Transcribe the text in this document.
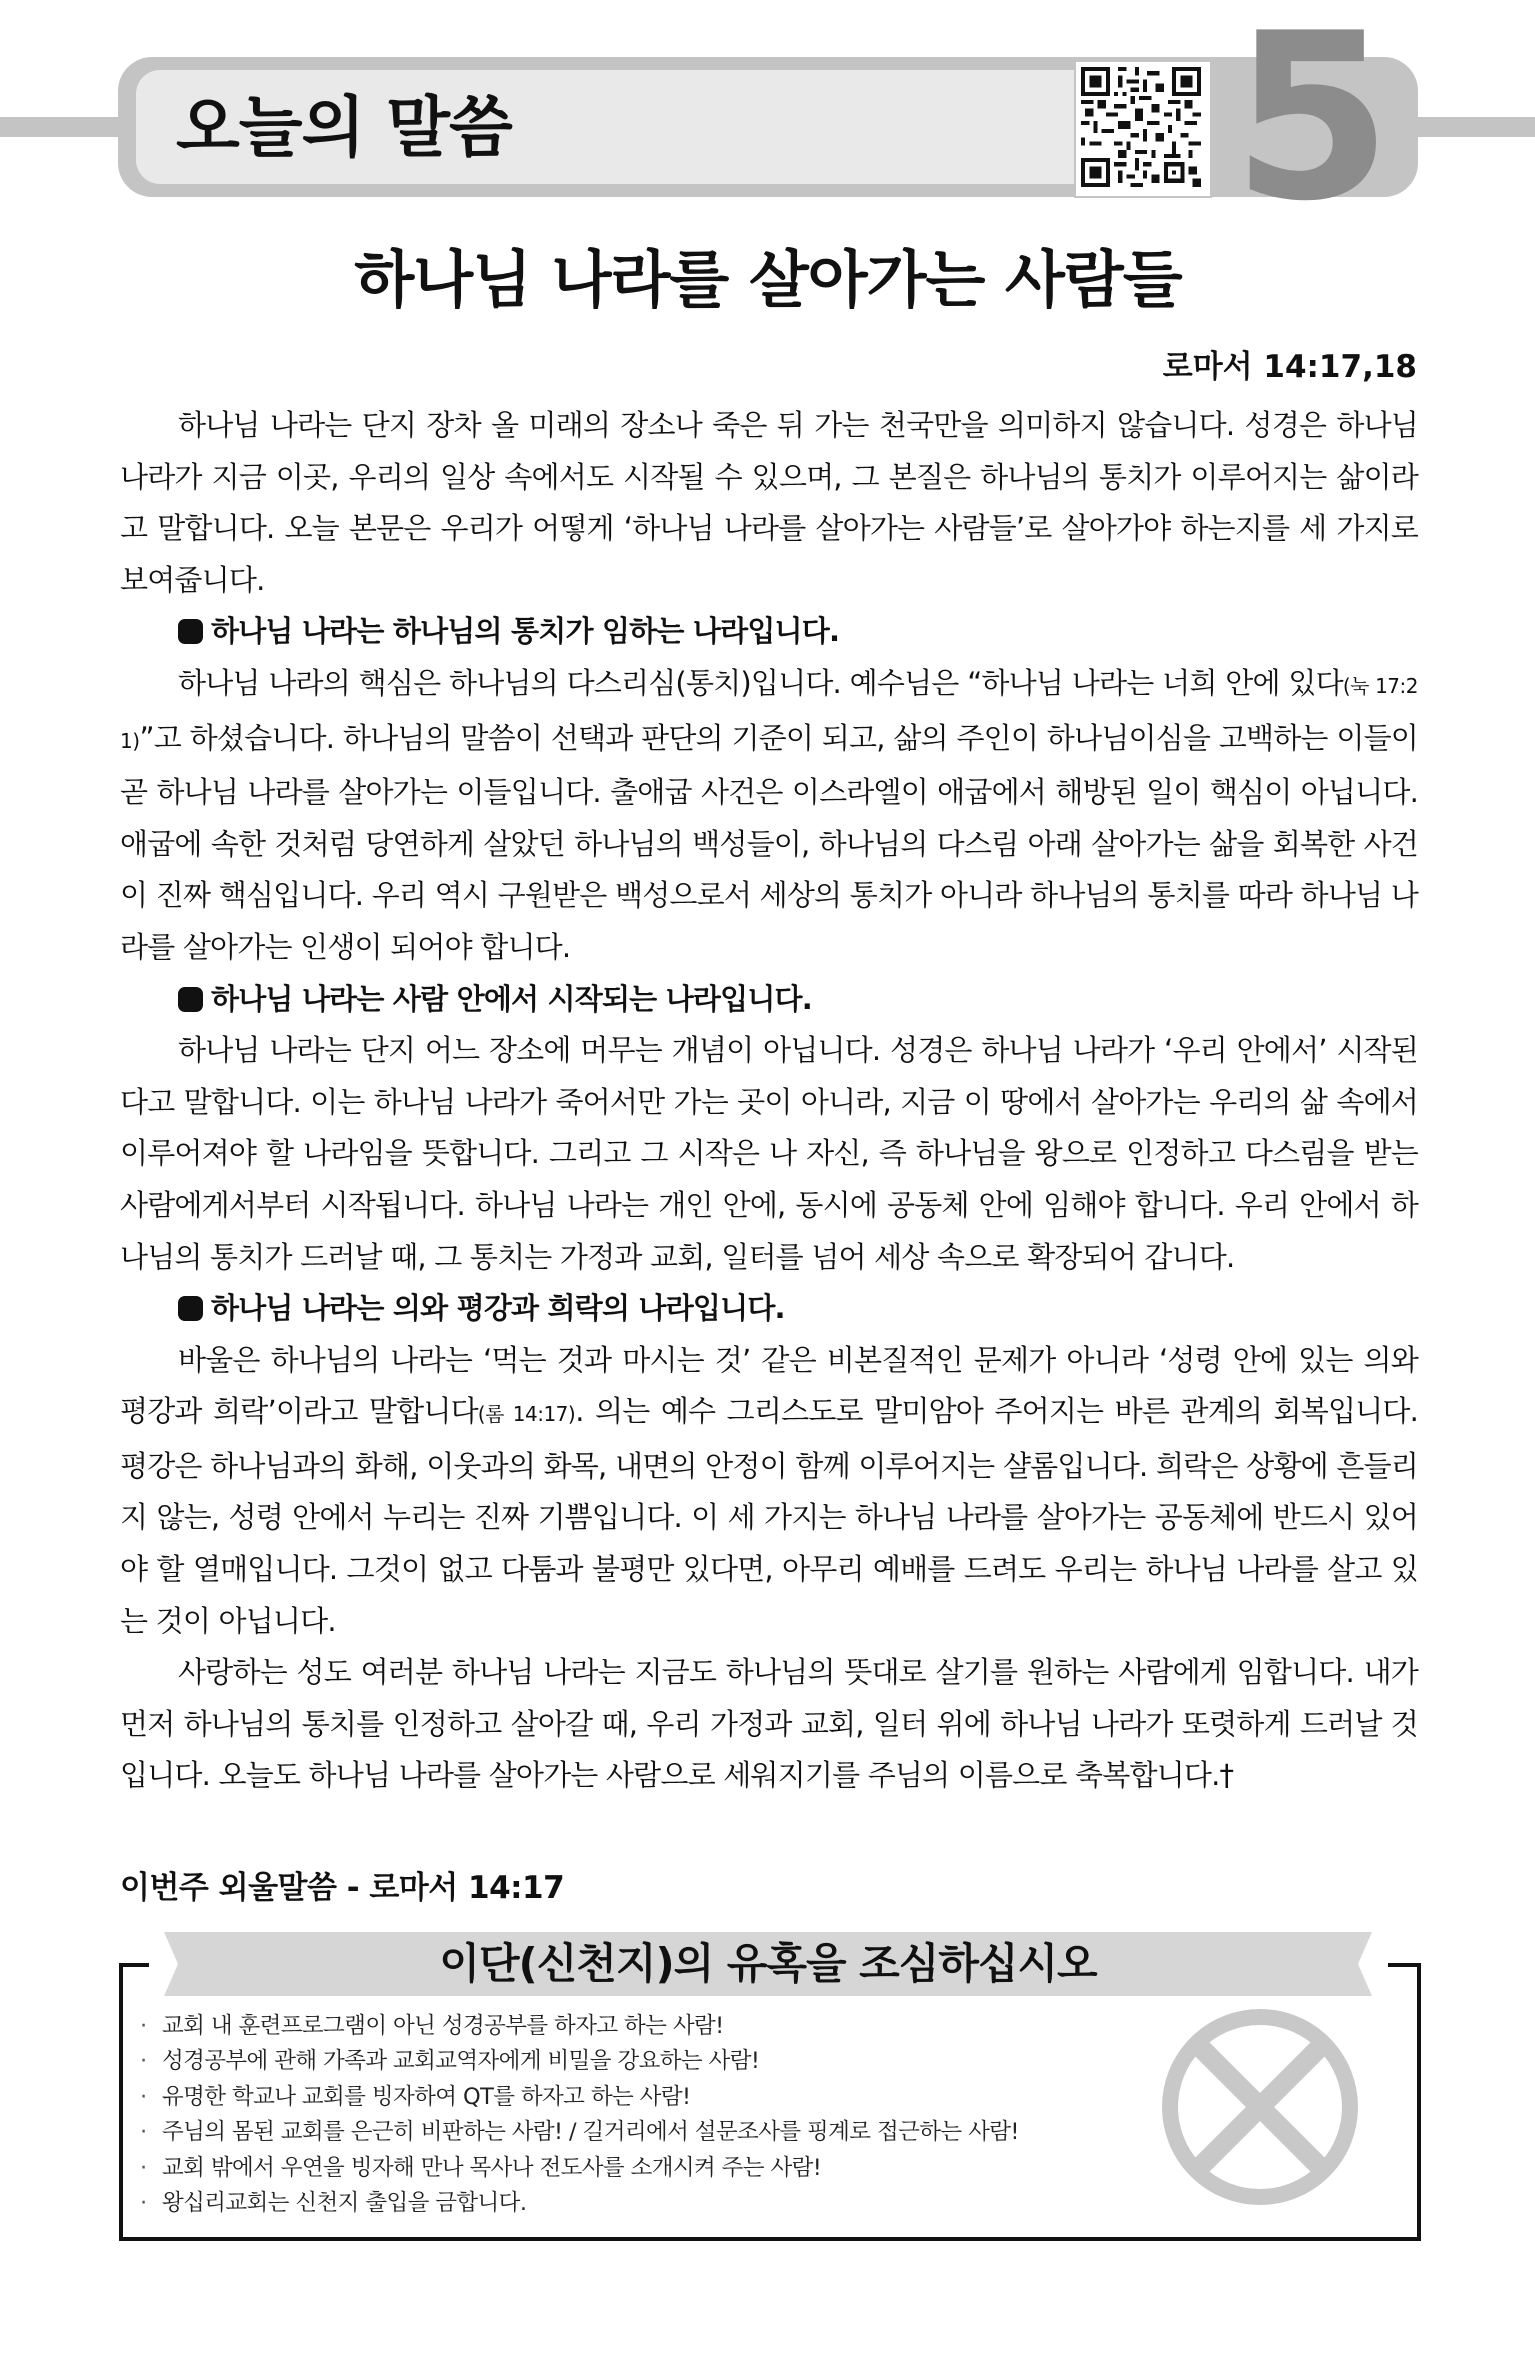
오늘의 말씀	5
하나님 나라를 살아가는 사람들
로마서 14:17,18

하나님 나라는 단지 장차 올 미래의 장소나 죽은 뒤 가는 천국만을 의미하지 않습니다. 성경은 하나님 나라가 지금 이곳, 우리의 일상 속에서도 시작될 수 있으며, 그 본질은 하나님의 통치가 이루어지는 삶이라고 말합니다. 오늘 본문은 우리가 어떻게 ‘하나님 나라를 살아가는 사람들’로 살아가야 하는지를 세 가지로 보여줍니다.

하나님 나라는 하나님의 통치가 임하는 나라입니다.

하나님 나라의 핵심은 하나님의 다스리심(통치)입니다. 예수님은 “하나님 나라는 너희 안에 있다(눅 17:21)”고 하셨습니다. 하나님의 말씀이 선택과 판단의 기준이 되고, 삶의 주인이 하나님이심을 고백하는 이들이 곧 하나님 나라를 살아가는 이들입니다. 출애굽 사건은 이스라엘이 애굽에서 해방된 일이 핵심이 아닙니다. 애굽에 속한 것처럼 당연하게 살았던 하나님의 백성들이, 하나님의 다스림 아래 살아가는 삶을 회복한 사건이 진짜 핵심입니다. 우리 역시 구원받은 백성으로서 세상의 통치가 아니라 하나님의 통치를 따라 하나님 나라를 살아가는 인생이 되어야 합니다.

하나님 나라는 사람 안에서 시작되는 나라입니다.

하나님 나라는 단지 어느 장소에 머무는 개념이 아닙니다. 성경은 하나님 나라가 ‘우리 안에서’ 시작된다고 말합니다. 이는 하나님 나라가 죽어서만 가는 곳이 아니라, 지금 이 땅에서 살아가는 우리의 삶 속에서 이루어져야 할 나라임을 뜻합니다. 그리고 그 시작은 나 자신, 즉 하나님을 왕으로 인정하고 다스림을 받는 사람에게서부터 시작됩니다. 하나님 나라는 개인 안에, 동시에 공동체 안에 임해야 합니다. 우리 안에서 하나님의 통치가 드러날 때, 그 통치는 가정과 교회, 일터를 넘어 세상 속으로 확장되어 갑니다.

하나님 나라는 의와 평강과 희락의 나라입니다.

바울은 하나님의 나라는 ‘먹는 것과 마시는 것’ 같은 비본질적인 문제가 아니라 ‘성령 안에 있는 의와 평강과 희락’이라고 말합니다(롬 14:17). 의는 예수 그리스도로 말미암아 주어지는 바른 관계의 회복입니다. 평강은 하나님과의 화해, 이웃과의 화목, 내면의 안정이 함께 이루어지는 샬롬입니다. 희락은 상황에 흔들리지 않는, 성령 안에서 누리는 진짜 기쁨입니다. 이 세 가지는 하나님 나라를 살아가는 공동체에 반드시 있어야 할 열매입니다. 그것이 없고 다툼과 불평만 있다면, 아무리 예배를 드려도 우리는 하나님 나라를 살고 있는 것이 아닙니다.

사랑하는 성도 여러분 하나님 나라는 지금도 하나님의 뜻대로 살기를 원하는 사람에게 임합니다. 내가 먼저 하나님의 통치를 인정하고 살아갈 때, 우리 가정과 교회, 일터 위에 하나님 나라가 또렷하게 드러날 것입니다. 오늘도 하나님 나라를 살아가는 사람으로 세워지기를 주님의 이름으로 축복합니다.†

이번주 외울말씀 - 로마서 14:17
이단(신천지)의 유혹을 조심하십시오
· 교회 내 훈련프로그램이 아닌 성경공부를 하자고 하는 사람!
· 성경공부에 관해 가족과 교회교역자에게 비밀을 강요하는 사람!
· 유명한 학교나 교회를 빙자하여 QT를 하자고 하는 사람!
· 주님의 몸된 교회를 은근히 비판하는 사람! / 길거리에서 설문조사를 핑계로 접근하는 사람!
· 교회 밖에서 우연을 빙자해 만나 목사나 전도사를 소개시켜 주는 사람!
· 왕십리교회는 신천지 출입을 금합니다.
